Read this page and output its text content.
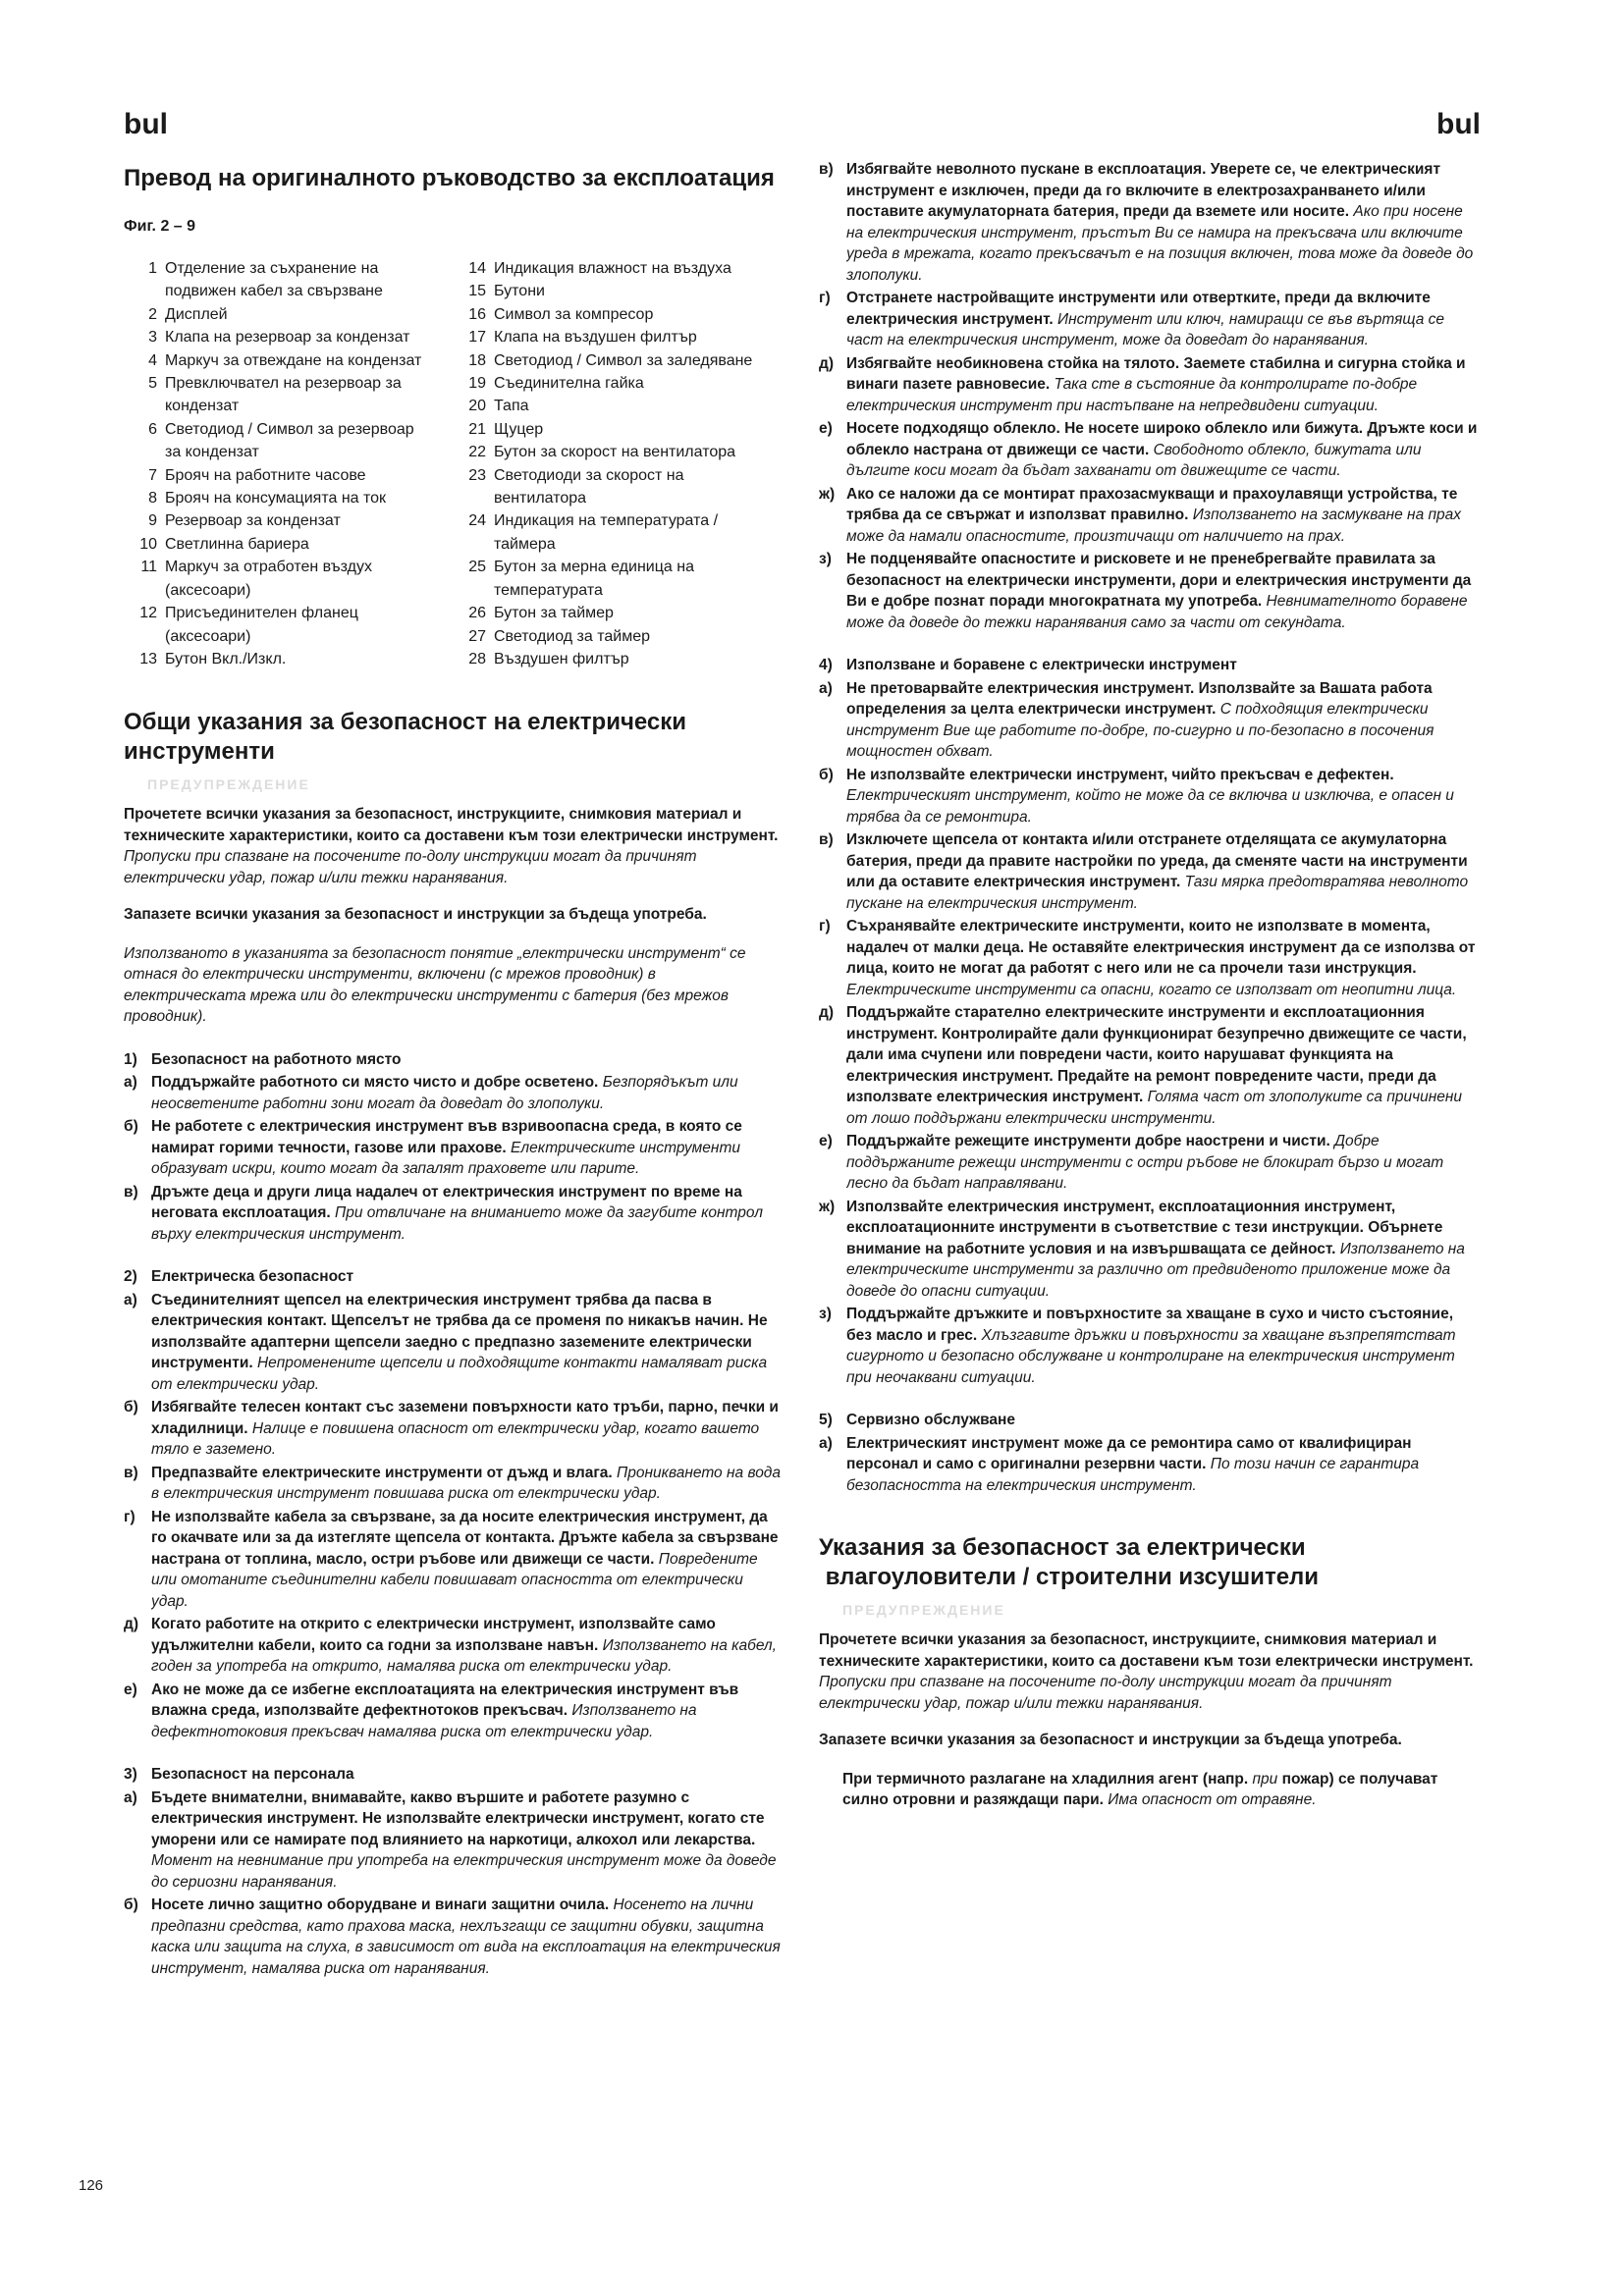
bul	bul
Превод на оригиналното ръководство за експлоатация
Фиг. 2 – 9
1 Отделение за съхранение на
подвижен кабел за свързване
2 Дисплей
3 Клапа на резервоар за кондензат
4 Маркуч за отвеждане на кондензат
5 Превключвател на резервоар за
кондензат
6 Светодиод / Символ за резервоар
за кондензат
7 Брояч на работните часове
8 Брояч на консумацията на ток
9 Резервоар за кондензат
10 Светлинна бариера
11 Маркуч за отработен въздух
(аксесоари)
12 Присъединителен фланец
(аксесоари)
13 Бутон Вкл./Изкл.
14 Индикация влажност на въздуха
15 Бутони
16 Символ за компресор
17 Клапа на въздушен филтър
18 Светодиод / Символ за заледяване
19 Съединителна гайка
20 Тапа
21 Щуцер
22 Бутон за скорост на вентилатора
23 Светодиоди за скорост на
вентилатора
24 Индикация на температурата /
таймера
25 Бутон за мерна единица на
температурата
26 Бутон за таймер
27 Светодиод за таймер
28 Въздушен филтър
Общи указания за безопасност на електрически
инструменти
ПРЕДУПРЕЖДЕНИЕ

Прочетете всички указания за безопасност, инструкциите, снимковия материал и техническите характеристики, които са доставени към този електрически инструмент. Пропуски при спазване на посочените по-долу инструкции могат да причинят електрически удар, пожар и/или тежки наранявания.

Запазете всички указания за безопасност и инструкции за бъдеща употреба.

Използваното в указанията за безопасност понятие „електрически инструмент“ се отнася до електрически инструменти, включени (с мрежов проводник) в електрическата мрежа или до електрически инструменти с батерия (без мрежов проводник).

1) Безопасност на работното място
а) Поддържайте работното си място чисто и добре осветено. Безпорядъкът или неосветените работни зони могат да доведат до злополуки.
б) Не работете с електрическия инструмент във взривоопасна среда, в която се намират горими течности, газове или прахове. Електрическите инструменти образуват искри, които могат да запалят праховете или парите.
в) Дръжте деца и други лица надалеч от електрическия инструмент по време на неговата експлоатация. При отвличане на вниманието може да загубите контрол върху електрическия инструмент.
2) Електрическа безопасност
а) Съединителният щепсел на електрическия инструмент трябва да пасва в електрическия контакт. Щепселът не трябва да се променя по никакъв начин. Не използвайте адаптерни щепсели заедно с предпазно заземените електрически инструменти. Непроменените щепсели и подходящите контакти намаляват риска от електрически удар.
б) Избягвайте телесен контакт със заземени повърхности като тръби, парно, печки и хладилници. Налице е повишена опасност от електрически удар, когато вашето тяло е заземено.
в) Предпазвайте електрическите инструменти от дъжд и влага. Проникването на вода в електрическия инструмент повишава риска от електрически удар.
г)	Не използвайте кабела за свързване, за да носите електрическия инструмент, да го окачвате или за да изтегляте щепсела от контакта. Дръжте кабела за свързване настрана от топлина, масло, остри ръбове или движещи се части. Повредените или омотаните съединителни кабели повишават опасността от електрически удар.
д) Когато работите на открито с електрически инструмент, използвайте само удължителни кабели, които са годни за използване навън. Използването на кабел, годен за употреба на открито, намалява риска от електрически удар.
е) Ако не може да се избегне експлоатацията на електрическия инструмент във влажна среда, използвайте дефектнотоков прекъсвач. Използването на дефектнотоковия прекъсвач намалява риска от електрически удар.
3) Безопасност на персонала
а) Бъдете внимателни, внимавайте, какво вършите и работете разумно с електрическия инструмент. Не използвайте електрически инструмент, когато сте уморени или се намирате под влиянието на наркотици, алкохол или лекарства. Момент на невнимание при употреба на електрическия инструмент може да доведе до сериозни наранявания.
б) Носете лично защитно оборудване и винаги защитни очила. Носенето на лични предпазни средства, като прахова маска, нехлъзгащи се защитни обувки, защитна каска или защита на слуха, в зависимост от вида на експлоатация на електрическия инструмент, намалява риска от наранявания.
в) Избягвайте неволното пускане в експлоатация. Уверете се, че електрическият инструмент е изключен, преди да го включите в електрозахранването и/или поставите акумулаторната батерия, преди да вземете или носите. Ако при носене на електрическия инструмент, пръстът Ви се намира на прекъсвача или включите уреда в мрежата, когато прекъсвачът е на позиция включен, това може да доведе до злополуки.
г)	Отстранете настройващите инструменти или отвертките, преди да включите електрическия инструмент. Инструмент или ключ, намиращи се във въртяща се част на електрическия инструмент, може да доведат до наранявания.
д) Избягвайте необикновена стойка на тялото. Заемете стабилна и сигурна стойка и винаги пазете равновесие. Така сте в състояние да контролирате по-добре електрическия инструмент при настъпване на непредвидени ситуации.
е) Носете подходящо облекло. Не носете широко облекло или бижута. Дръжте коси и облекло настрана от движещи се части. Свободното облекло, бижутата или дългите коси могат да бъдат захванати от движещите се части.
ж) Ако се наложи да се монтират прахозасмукващи и прахоулавящи устройства, те трябва да се свържат и използват правилно. Използването на засмукване на прах може да намали опасностите, произтичащи от наличието на прах.
з) Не подценявайте опасностите и рисковете и не пренебрегвайте правилата за безопасност на електрически инструменти, дори и електрическия инструменти да Ви е добре познат поради многократната му употреба. Невнимателното боравене може да доведе до тежки наранявания само за части от секундата.
4) Използване и боравене с електрически инструмент
а) Не претоварвайте електрическия инструмент. Използвайте за Вашата работа определения за целта електрически инструмент. С подходящия електрически инструмент Вие ще работите по-добре, по-сигурно и по-безопасно в посочения мощностен обхват.
б) Не използвайте електрически инструмент, чийто прекъсвач е дефектен. Електрическият инструмент, който не може да се включва и изключва, е опасен и трябва да се ремонтира.
в) Изключете щепсела от контакта и/или отстранете отделящата се акумулаторна батерия, преди да правите настройки по уреда, да сменяте части на инструменти или да оставите електрическия инструмент. Тази мярка предотвратява неволното пускане на електрическия инструмент.
г)	Съхранявайте електрическите инструменти, които не използвате в момента, надалеч от малки деца. Не оставяйте електрическия инструмент да се използва от лица, които не могат да работят с него или не са прочели тази инструкция. Електрическите инструменти са опасни, когато се използват от неопитни лица.
д) Поддържайте старателно електрическите инструменти и експлоатационния инструмент. Контролирайте дали функционират безупречно движещите се части, дали има счупени или повредени части, които нарушават функцията на електрическия инструмент. Предайте на ремонт повредените части, преди да използвате електрическия инструмент. Голяма част от злополуките са причинени от лошо поддържани електрически инструменти.
е) Поддържайте режещите инструменти добре наострени и чисти. Добре поддържаните режещи инструменти с остри ръбове не блокират бързо и могат лесно да бъдат направлявани.
ж) Използвайте електрическия инструмент, експлоатационния инструмент, експлоатационните инструменти в съответствие с тези инструкции. Обърнете внимание на работните условия и на извършващата се дейност. Използването на електрическите инструменти за различно от предвиденото приложение може да доведе до опасни ситуации.
з) Поддържайте дръжките и повърхностите за хващане в сухо и чисто състояние, без масло и грес. Хлъзгавите дръжки и повърхности за хващане възпрепятстват сигурното и безопасно обслужване и контролиране на електрическия инструмент при неочаквани ситуации.
5) Сервизно обслужване
а) Електрическият инструмент може да се ремонтира само от квалифициран персонал и само с оригинални резервни части. По този начин се гарантира безопасността на електрическия инструмент.
Указания за безопасност за електрически
влагоуловители / строителни изсушители
ПРЕДУПРЕЖДЕНИЕ

Прочетете всички указания за безопасност, инструкциите, снимковия материал и техническите характеристики, които са доставени към този електрически инструмент. Пропуски при спазване на посочените по-долу инструкции могат да причинят електрически удар, пожар и/или тежки наранявания.

Запазете всички указания за безопасност и инструкции за бъдеща употреба.

При термичното разлагане на хладилния агент (напр. при пожар) се получават силно отровни и разяждащи пари. Има опасност от отравяне.

126
